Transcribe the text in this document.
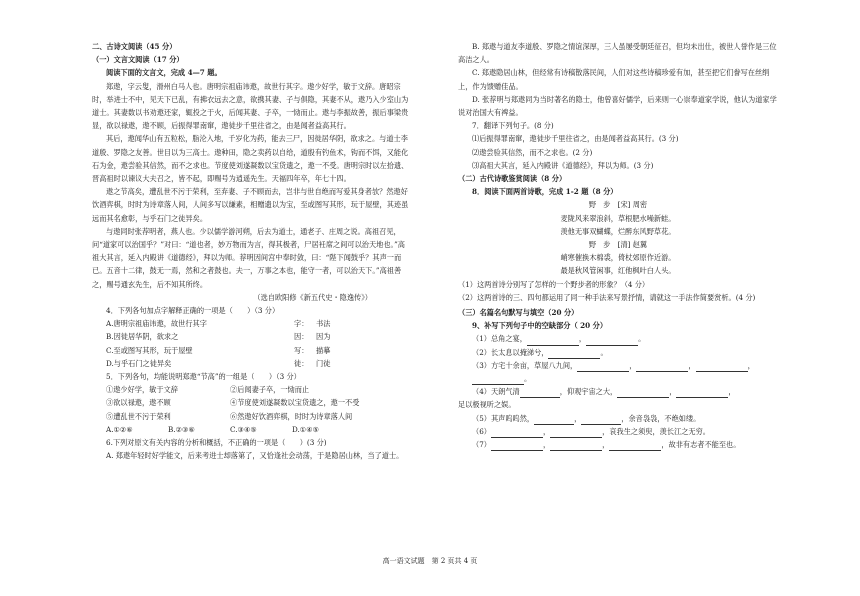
二、古诗文阅读（45 分）

（一）文言文阅读（17 分）

阅读下面的文言文，完成 4—7 题。

郑遨，字云叟，滑州白马人也。唐明宗祖庙讳遨，故世行其字。遨少好学，敏于文辞。唐昭宗时，举进士不中，见天下已乱，有拂衣远去之意，欲携其妻、子与俱隐，其妻不从，遨乃入少室山为道士。其妻数以书劝遨还家，辄投之于火，后闻其妻、子卒，一恸而止。遨与李振故善，振后事梁贵显，欲以禄遨，遨不顾，后振得罪南窜，遨徒步千里往省之，由是闻者益高其行。

其后，遨闻华山有五粒松，脂沦入地，千岁化为药，能去三尸，因徙居华阴，欲求之。与道士李道殷、罗隐之友善。世目以为三高士。遨种田，隐之卖药以自给，道殷有钓鱼术，钩而不饵，又能化石为金，遨尝验其信然，而不之求也。节度使刘遂凝数以宝货遗之，遨一不受。唐明宗时以左拾遗、晋高祖时以谏议大夫召之，皆不起，即赐号为逍遥先生。天福四年卒，年七十四。

遨之节高矣，遭乱世不污于荣利，至弃妻、子不顾而去，岂非与世自绝而写爱其身者欤？然遨好饮酒弈棋，时时为诗章落人间，人间多写以缣素，相赠遗以为宝，至或图写其形，玩于屋壁，其迹虽远而其名愈彰，与乎石门之徒异矣。

与遨同时张荐明者，燕人也。少以儒学游河朔，后去为道士，通老子、庄周之说。高祖召见，问“道家可以治国乎？”对曰：“道也者，妙万物而为言，得其极者，尸居衽席之间可以治天地也。”高祖大其言，延入内殿讲《道德经》，拜以为师。荐明因间宫中奉时敛，曰：“陛下闻鼓乎？其声一而已。五音十二律，鼓无一焉，然和之者鼓也。夫一，万事之本也，能守一者，可以治天下。”高祖善之，赐号通玄先生，后不知其所终。

（选自欧阳修《新五代史・隐逸传》）

4．下列各句加点字解释正确的一项是（　　）（3 分）

A.唐明宗祖庙讳遨，故世行其字	字：	书法
B.因徙居华阴，欲求之	因：	因为
C.至或图写其形，玩于屋壁	写：	描摹
D.与乎石门之徒异矣	徒：	门徒

5．下列各句，均能说明郑遨“节高”的一组是（　　）（3 分）

①遨少好学，敏于文辞	②后闻妻子卒，一恸而止
③欲以禄遨，遨不顾	④节度使刘遂凝数以宝货遗之，遨一不受
⑤遭乱世不污于荣利	⑥然遨好饮酒弈棋，时时为诗章落人间
A.①②⑥	B.②③⑥	C.③④⑤	D.①④⑤

6.下列对原文有关内容的分析和概括，不正确的一项是（　　）(3 分)

A. 郑遨年轻时好学能文，后来考进士却落第了，又恰逢社会动荡，于是隐居山林，当了道士。

B. 郑遨与道友李道殷、罗隐之情谊深厚，三人虽屡受朝廷征召，但均未出仕，被世人誉作是三位高洁之人。

C. 郑遨隐居山林，但经常有诗稿散落民间，人们对这些诗稿珍爱有加，甚至把它们誊写在丝绢上，作为馈赠佳品。

D. 张荐明与郑遨同为当时著名的隐士，他曾喜好儒学，后来则一心崇奉道家学说，他认为道家学说对治国大有裨益。

7．翻译下列句子。(8 分)

⑴后振得罪南窜，遨徒步千里往省之，由是闻者益高其行。(3 分)

⑵遨尝验其信然，而不之求也。(2 分)

⑶高祖大其言，延入内殿讲《道德经》，拜以为师。(3 分)

（二）古代诗歌鉴赏阅读（8 分）

8．阅读下面两首诗歌，完成 1-2 题（8 分）

野　步　[宋] 周密

麦陇风来翠浪斜，草根肥水噪新蛙。

羡他无事双蝴蝶，烂醉东风野草花。

野　步　[清] 赵翼

峭寒催换木棉裘，倚杖郊原作近游。

最是秋风管闲事，红他枫叶白人头。

（1）这两首诗分别写了怎样的一个野步者的形象？（4 分）

（2）这两首诗的三、四句都运用了同一种手法来写景抒情，请就这一手法作简要赏析。(4 分)

（三）名篇名句默写与填空（20 分）

9、补写下列句子中的空缺部分（ 20 分）

（1）总角之宴，	，	。

（2）长太息以掩涕兮，	。

（3）方宅十余亩，草屋八九间，	，	，	，

。

（4）天朗气清	，仰观宇宙之大，	，	，

足以极视听之娱。

（5）其声呜呜然，	，	，余音袅袅，不绝如缕。

（6）	，	，哀我生之须臾，羡长江之无穷。

（7）	，	，	，故非有志者不能至也。

高一语文试题　第 2 页共 4 页
